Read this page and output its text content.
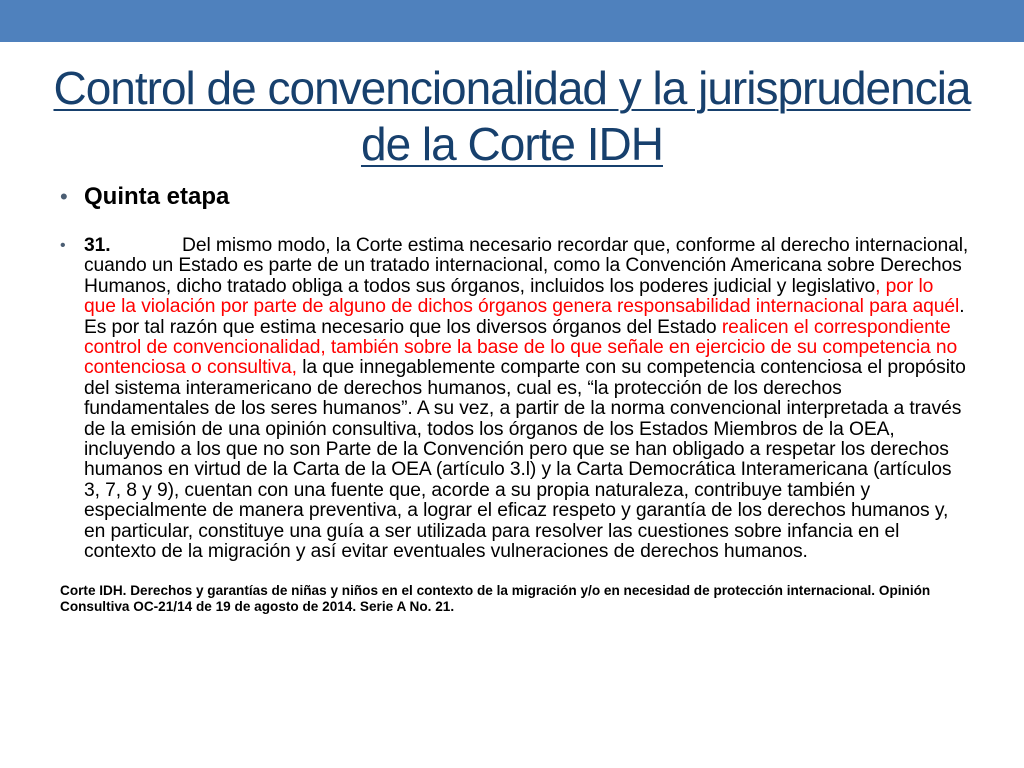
Control de convencionalidad y la jurisprudencia de la Corte IDH
• Quinta etapa
• 31.	Del mismo modo, la Corte estima necesario recordar que, conforme al derecho internacional, cuando un Estado es parte de un tratado internacional, como la Convención Americana sobre Derechos Humanos, dicho tratado obliga a todos sus órganos, incluidos los poderes judicial y legislativo, por lo que la violación por parte de alguno de dichos órganos genera responsabilidad internacional para aquél. Es por tal razón que estima necesario que los diversos órganos del Estado realicen el correspondiente control de convencionalidad, también sobre la base de lo que señale en ejercicio de su competencia no contenciosa o consultiva, la que innegablemente comparte con su competencia contenciosa el propósito del sistema interamericano de derechos humanos, cual es, “la protección de los derechos fundamentales de los seres humanos”. A su vez, a partir de la norma convencional interpretada a través de la emisión de una opinión consultiva, todos los órganos de los Estados Miembros de la OEA, incluyendo a los que no son Parte de la Convención pero que se han obligado a respetar los derechos humanos en virtud de la Carta de la OEA (artículo 3.l) y la Carta Democrática Interamericana (artículos 3, 7, 8 y 9), cuentan con una fuente que, acorde a su propia naturaleza, contribuye también y especialmente de manera preventiva, a lograr el eficaz respeto y garantía de los derechos humanos y, en particular, constituye una guía a ser utilizada para resolver las cuestiones sobre infancia en el contexto de la migración y así evitar eventuales vulneraciones de derechos humanos.
Corte IDH. Derechos y garantías de niñas y niños en el contexto de la migración y/o en necesidad de protección internacional. Opinión Consultiva OC-21/14 de 19 de agosto de 2014. Serie A No. 21.
